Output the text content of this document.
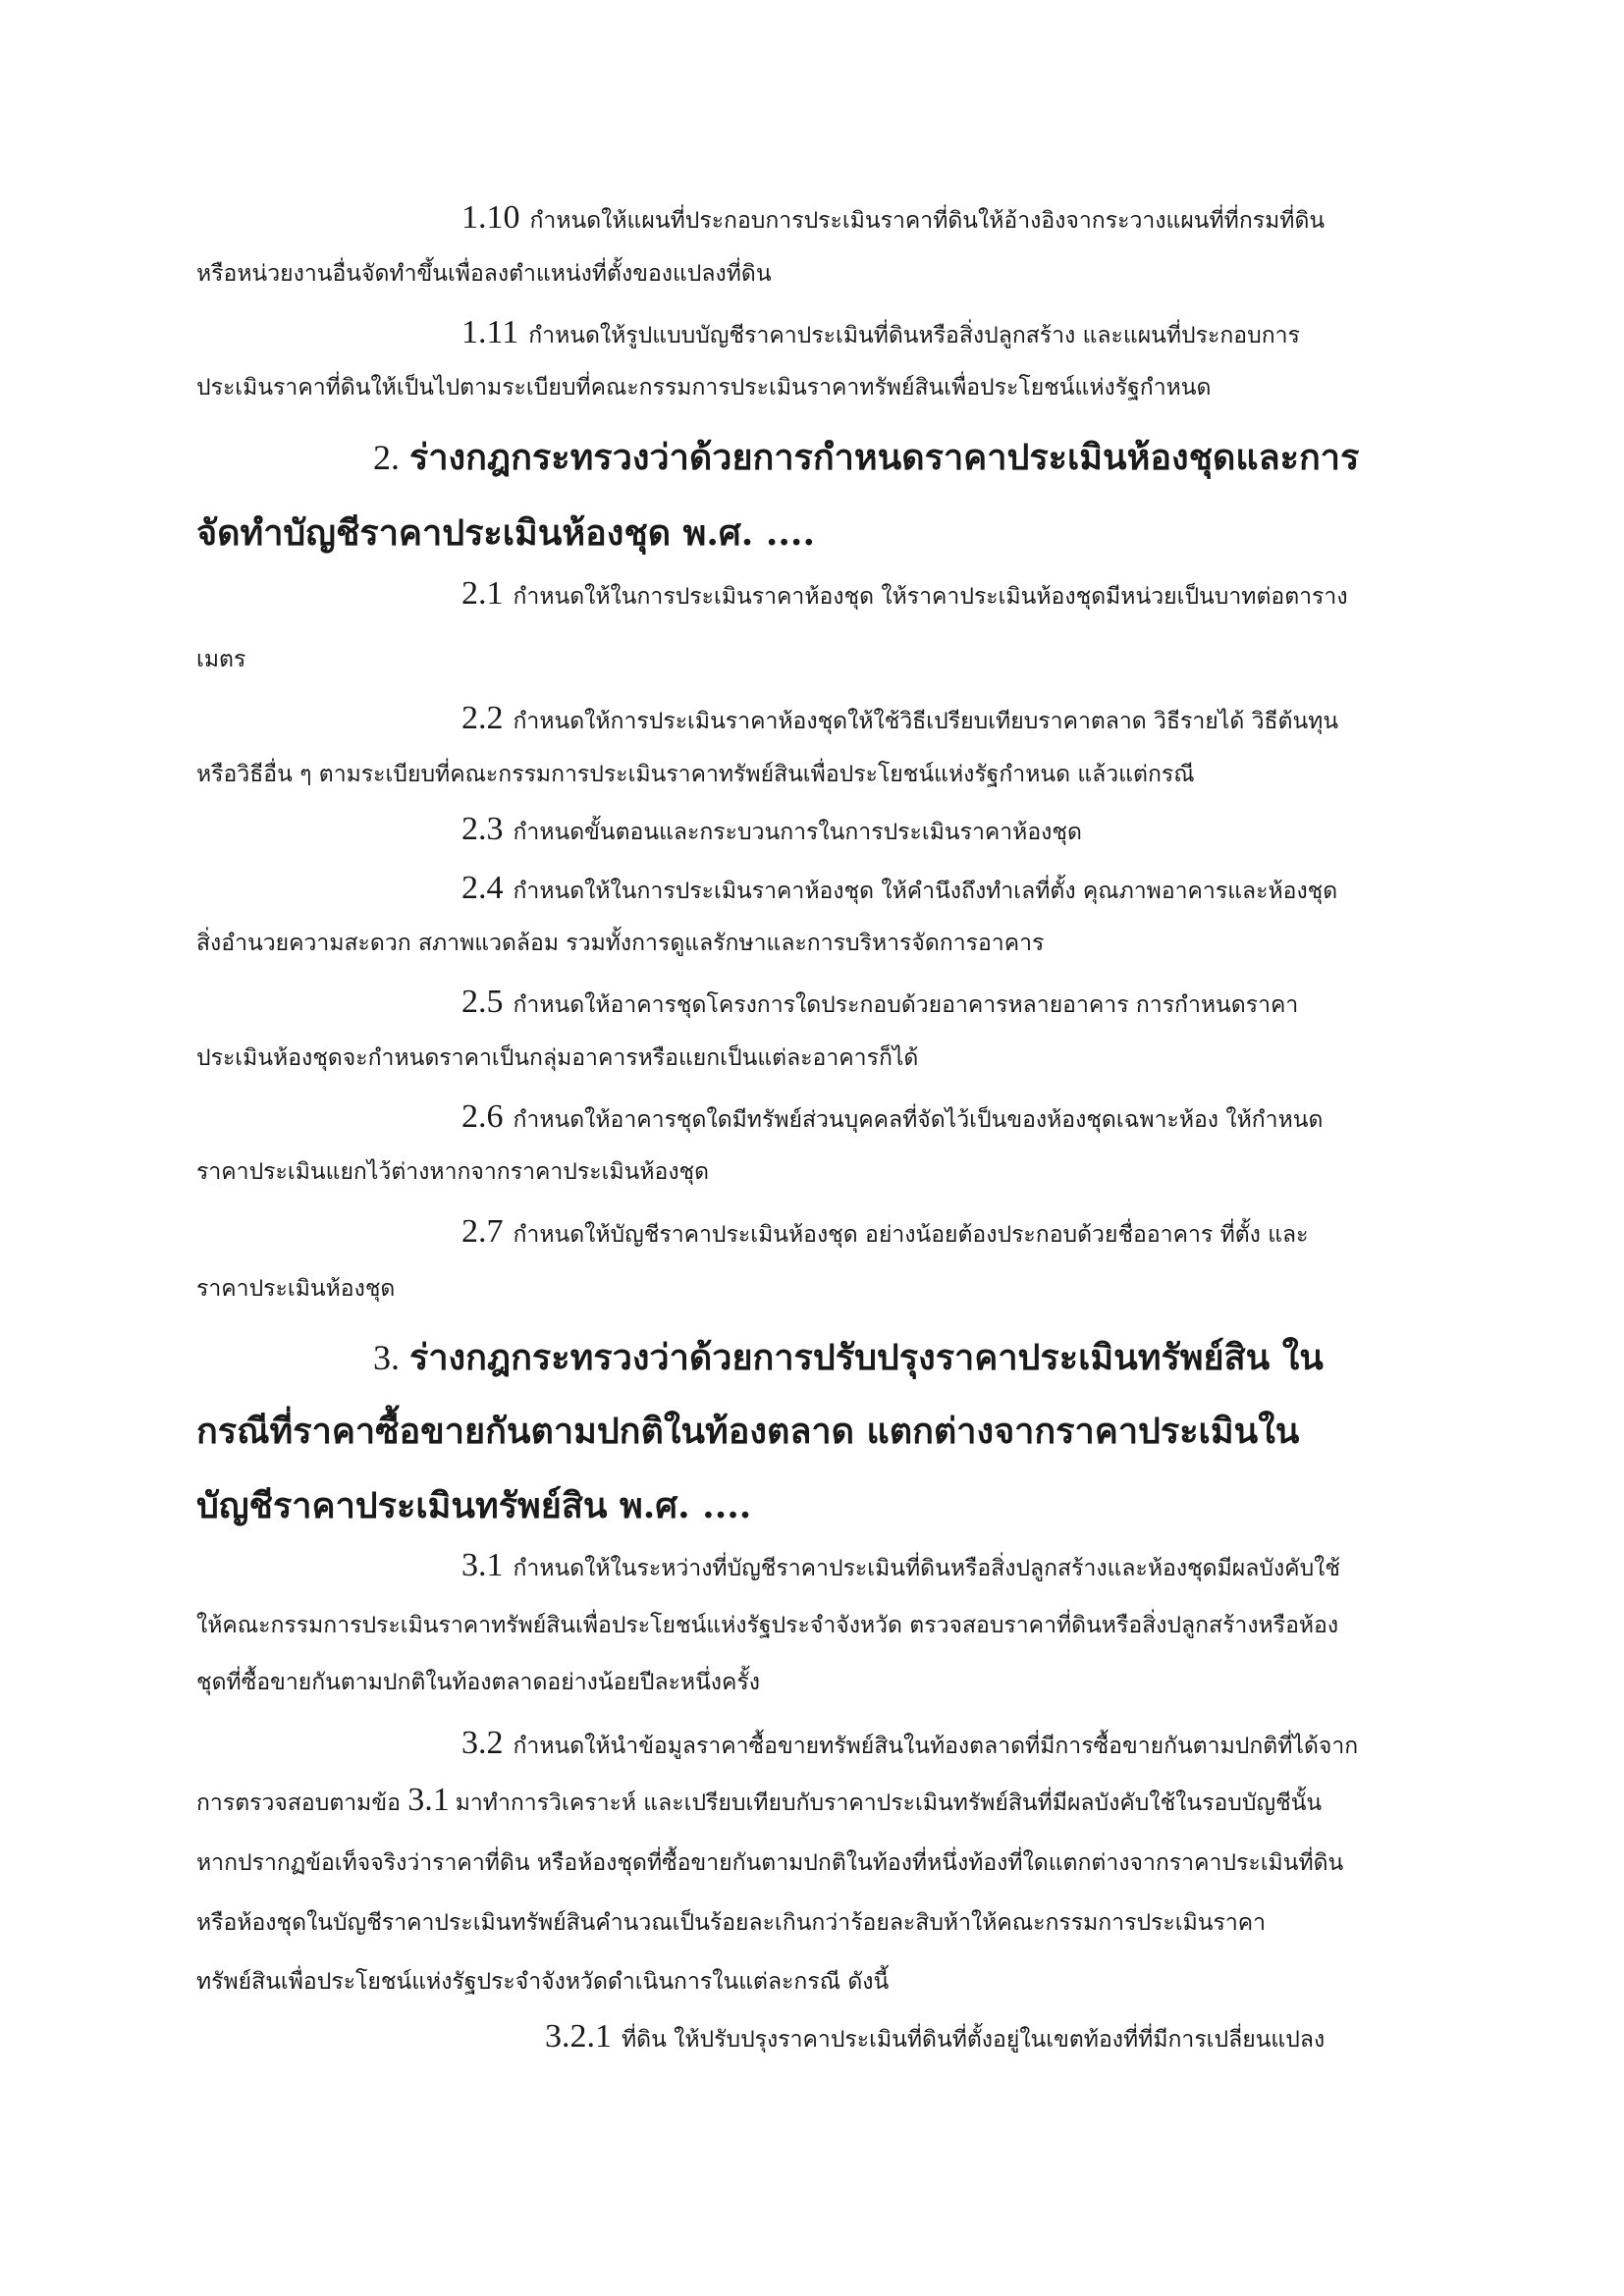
1.10 กำหนดให้แผนที่ประกอบการประเมินราคาที่ดินให้อ้างอิงจากระวางแผนที่ที่กรมที่ดิน
หรือหน่วยงานอื่นจัดทำขึ้นเพื่อลงตำแหน่งที่ตั้งของแปลงที่ดิน
1.11 กำหนดให้รูปแบบบัญชีราคาประเมินที่ดินหรือสิ่งปลูกสร้าง และแผนที่ประกอบการ
ประเมินราคาที่ดินให้เป็นไปตามระเบียบที่คณะกรรมการประเมินราคาทรัพย์สินเพื่อประโยชน์แห่งรัฐกำหนด
2. ร่างกฎกระทรวงว่าด้วยการกำหนดราคาประเมินห้องชุดและการ
จัดทำบัญชีราคาประเมินห้องชุด พ.ศ. ....
2.1 กำหนดให้ในการประเมินราคาห้องชุด ให้ราคาประเมินห้องชุดมีหน่วยเป็นบาทต่อตาราง
เมตร
2.2 กำหนดให้การประเมินราคาห้องชุดให้ใช้วิธีเปรียบเทียบราคาตลาด วิธีรายได้ วิธีต้นทุน
หรือวิธีอื่น ๆ ตามระเบียบที่คณะกรรมการประเมินราคาทรัพย์สินเพื่อประโยชน์แห่งรัฐกำหนด แล้วแต่กรณี
2.3 กำหนดขั้นตอนและกระบวนการในการประเมินราคาห้องชุด
2.4 กำหนดให้ในการประเมินราคาห้องชุด ให้คำนึงถึงทำเลที่ตั้ง คุณภาพอาคารและห้องชุด
สิ่งอำนวยความสะดวก สภาพแวดล้อม รวมทั้งการดูแลรักษาและการบริหารจัดการอาคาร
2.5 กำหนดให้อาคารชุดโครงการใดประกอบด้วยอาคารหลายอาคาร การกำหนดราคา
ประเมินห้องชุดจะกำหนดราคาเป็นกลุ่มอาคารหรือแยกเป็นแต่ละอาคารก็ได้
2.6 กำหนดให้อาคารชุดใดมีทรัพย์ส่วนบุคคลที่จัดไว้เป็นของห้องชุดเฉพาะห้อง ให้กำหนด
ราคาประเมินแยกไว้ต่างหากจากราคาประเมินห้องชุด
2.7 กำหนดให้บัญชีราคาประเมินห้องชุด อย่างน้อยต้องประกอบด้วยชื่ออาคาร ที่ตั้ง และ
ราคาประเมินห้องชุด
3. ร่างกฎกระทรวงว่าด้วยการปรับปรุงราคาประเมินทรัพย์สิน ใน
กรณีที่ราคาซื้อขายกันตามปกติในท้องตลาด แตกต่างจากราคาประเมินใน
บัญชีราคาประเมินทรัพย์สิน พ.ศ. ....
3.1 กำหนดให้ในระหว่างที่บัญชีราคาประเมินที่ดินหรือสิ่งปลูกสร้างและห้องชุดมีผลบังคับใช้
ให้คณะกรรมการประเมินราคาทรัพย์สินเพื่อประโยชน์แห่งรัฐประจำจังหวัด ตรวจสอบราคาที่ดินหรือสิ่งปลูกสร้างหรือห้อง
ชุดที่ซื้อขายกันตามปกติในท้องตลาดอย่างน้อยปีละหนึ่งครั้ง
3.2 กำหนดให้นำข้อมูลราคาซื้อขายทรัพย์สินในท้องตลาดที่มีการซื้อขายกันตามปกติที่ได้จาก
การตรวจสอบตามข้อ 3.1 มาทำการวิเคราะห์ และเปรียบเทียบกับราคาประเมินทรัพย์สินที่มีผลบังคับใช้ในรอบบัญชีนั้น
หากปรากฏข้อเท็จจริงว่าราคาที่ดิน หรือห้องชุดที่ซื้อขายกันตามปกติในท้องที่หนึ่งท้องที่ใดแตกต่างจากราคาประเมินที่ดิน
หรือห้องชุดในบัญชีราคาประเมินทรัพย์สินคำนวณเป็นร้อยละเกินกว่าร้อยละสิบห้าให้คณะกรรมการประเมินราคา
ทรัพย์สินเพื่อประโยชน์แห่งรัฐประจำจังหวัดดำเนินการในแต่ละกรณี ดังนี้
3.2.1 ที่ดิน ให้ปรับปรุงราคาประเมินที่ดินที่ตั้งอยู่ในเขตท้องที่ที่มีการเปลี่ยนแปลง
